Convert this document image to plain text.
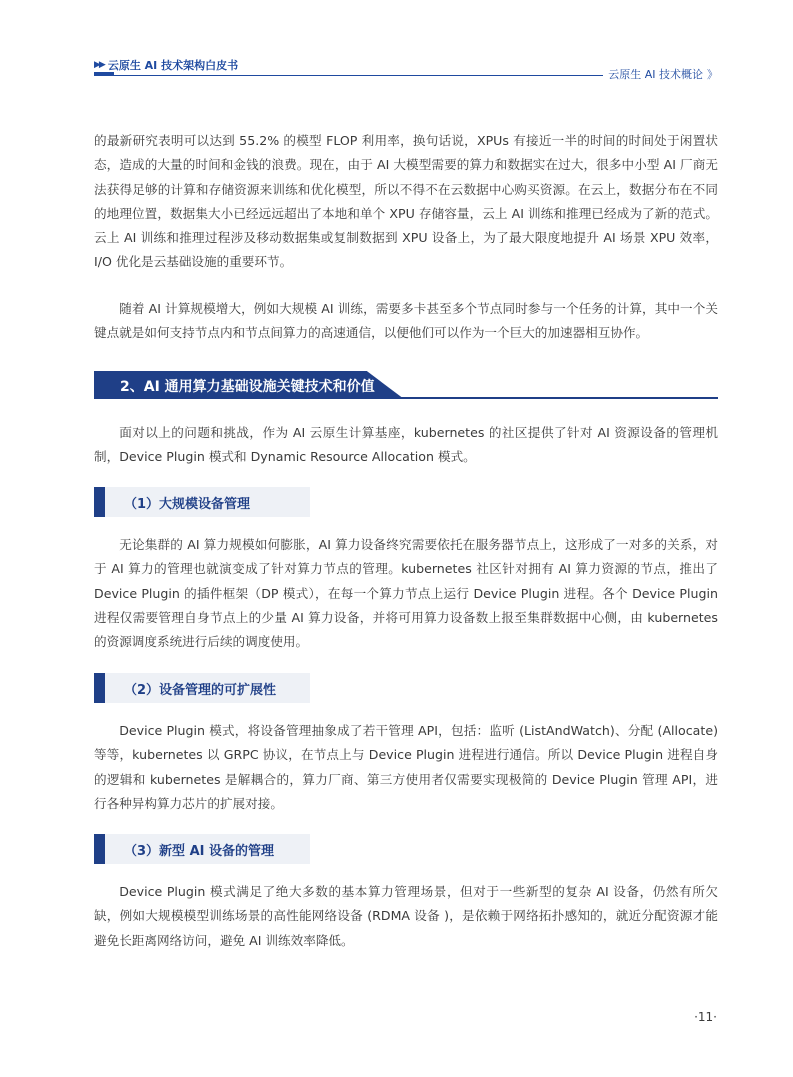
▶▶ 云原生 AI 技术架构白皮书
云原生 AI 技术概论 》

的最新研究表明可以达到 55.2% 的模型 FLOP 利用率，换句话说，XPUs 有接近一半的时间的时间处于闲置状态，造成的大量的时间和金钱的浪费。现在，由于 AI 大模型需要的算力和数据实在过大，很多中小型 AI 厂商无法获得足够的计算和存储资源来训练和优化模型，所以不得不在云数据中心购买资源。在云上，数据分布在不同的地理位置，数据集大小已经远远超出了本地和单个 XPU 存储容量，云上 AI 训练和推理已经成为了新的范式。云上 AI 训练和推理过程涉及移动数据集或复制数据到 XPU 设备上，为了最大限度地提升 AI 场景 XPU 效率，I/O 优化是云基础设施的重要环节。

随着 AI 计算规模增大，例如大规模 AI 训练，需要多卡甚至多个节点同时参与一个任务的计算，其中一个关键点就是如何支持节点内和节点间算力的高速通信，以便他们可以作为一个巨大的加速器相互协作。

2、AI 通用算力基础设施关键技术和价值

面对以上的问题和挑战，作为 AI 云原生计算基座，kubernetes 的社区提供了针对 AI 资源设备的管理机制，Device Plugin 模式和 Dynamic Resource Allocation 模式。

（1）大规模设备管理

无论集群的 AI 算力规模如何膨胀，AI 算力设备终究需要依托在服务器节点上，这形成了一对多的关系，对于 AI 算力的管理也就演变成了针对算力节点的管理。kubernetes 社区针对拥有 AI 算力资源的节点，推出了 Device Plugin 的插件框架（DP 模式），在每一个算力节点上运行 Device Plugin 进程。各个 Device Plugin 进程仅需要管理自身节点上的少量 AI 算力设备，并将可用算力设备数上报至集群数据中心侧，由 kubernetes 的资源调度系统进行后续的调度使用。

（2）设备管理的可扩展性

Device Plugin 模式，将设备管理抽象成了若干管理 API，包括：监听 (ListAndWatch)、分配 (Allocate) 等等，kubernetes 以 GRPC 协议，在节点上与 Device Plugin 进程进行通信。所以 Device Plugin 进程自身的逻辑和 kubernetes 是解耦合的，算力厂商、第三方使用者仅需要实现极简的 Device Plugin 管理 API，进行各种异构算力芯片的扩展对接。

（3）新型 AI 设备的管理

Device Plugin 模式满足了绝大多数的基本算力管理场景，但对于一些新型的复杂 AI 设备，仍然有所欠缺，例如大规模模型训练场景的高性能网络设备 (RDMA 设备 )，是依赖于网络拓扑感知的，就近分配资源才能避免长距离网络访问，避免 AI 训练效率降低。

·11·
